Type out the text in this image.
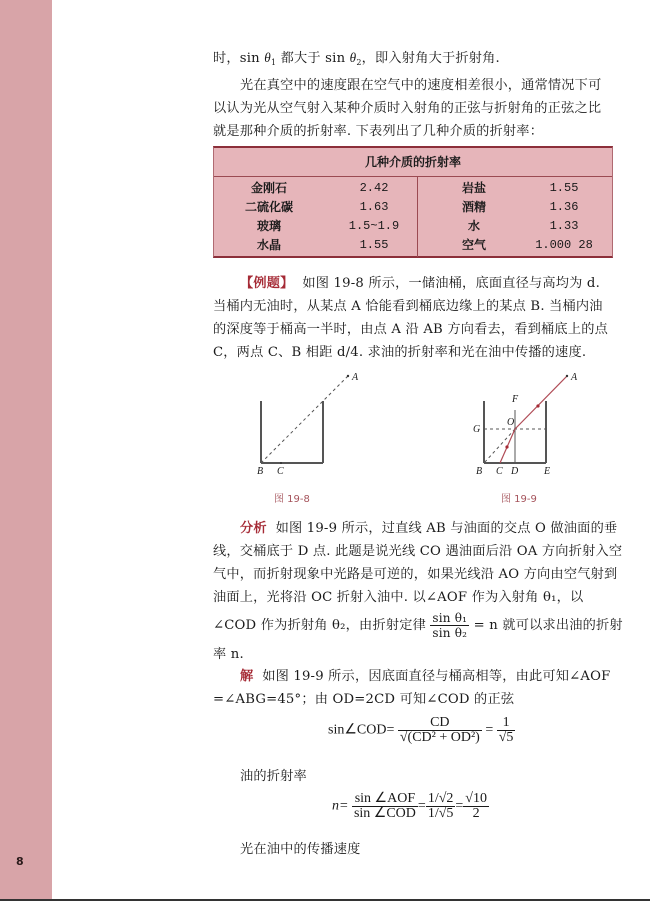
8

时，$\sin \theta_1$ 都大于 $\sin \theta_2$，即入射角大于折射角.

光在真空中的速度跟在空气中的速度相差很小，通常情况下可

以认为光从空气射入某种介质时入射角的正弦与折射角的正弦之比

就是那种介质的折射率. 下表列出了几种介质的折射率：

几种介质的折射率
金刚石	2.42	岩盐	1.55
二硫化碳	1.63	酒精	1.36
玻璃	1.5~1.9	水	1.33
水晶	1.55	空气	1.000 28

【例题】 如图 19-8 所示，一储油桶，底面直径与高均为 d.

当桶内无油时，从某点 A 恰能看到桶底边缘上的某点 B. 当桶内油

的深度等于桶高一半时，由点 A 沿 AB 方向看去，看到桶底上的点

C，两点 C、B 相距 d/4. 求油的折射率和光在油中传播的速度.

A
B C
图 19-8
A
F
O
G
B C D	E
图 19-9

分析 如图 19-9 所示，过直线 AB 与油面的交点 O 做油面的垂

线，交桶底于 D 点. 此题是说光线 CO 遇油面后沿 OA 方向折射入空

气中，而折射现象中光路是可逆的，如果光线沿 AO 方向由空气射到

油面上，光将沿 OC 折射入油中. 以∠AOF 作为入射角 θ₁，以

∠COD 作为折射角 θ₂，由折射定律 $\frac{\text{sin θ₁}}{\text{sin θ₂}} = n$ 就可以求出油的折射

率 n.

解 如图 19-9 所示，因底面直径与桶高相等，由此可知∠AOF

=∠ABG=45°；由 OD=2CD 可知∠COD 的正弦

sin∠COD= $\frac{CD}{\text{√(CD² + OD²)}} = \frac{1}{√5}$

油的折射率

$n= \frac{\text{sin ∠AOF}}{\text{sin ∠COD}} = \frac{1/√2}{1/√5} = \frac{√10}{2}$

光在油中的传播速度
